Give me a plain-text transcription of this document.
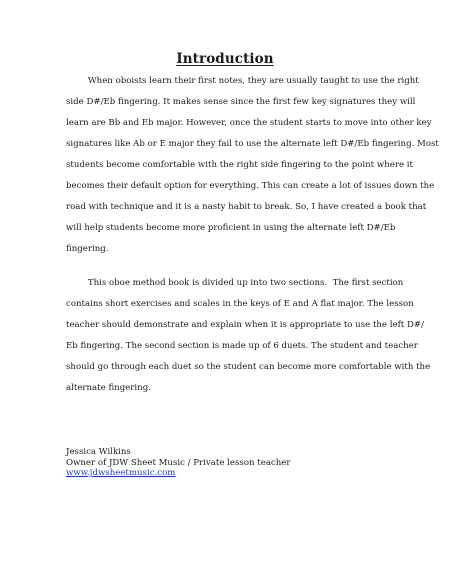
Introduction

When oboists learn their first notes, they are usually taught to use the right
side D#/Eb fingering. It makes sense since the first few key signatures they will
learn are Bb and Eb major. However, once the student starts to move into other key
signatures like Ab or E major they fail to use the alternate left D#/Eb fingering. Most
students become comfortable with the right side fingering to the point where it
becomes their default option for everything. This can create a lot of issues down the
road with technique and it is a nasty habit to break. So, I have created a book that
will help students become more proficient in using the alternate left D#/Eb
fingering.

This oboe method book is divided up into two sections.  The first section
contains short exercises and scales in the keys of E and A flat major. The lesson
teacher should demonstrate and explain when it is appropriate to use the left D#/
Eb fingering. The second section is made up of 6 duets. The student and teacher
should go through each duet so the student can become more comfortable with the
alternate fingering.

Jessica Wilkins
Owner of JDW Sheet Music / Private lesson teacher
www.jdwsheetmusic.com
